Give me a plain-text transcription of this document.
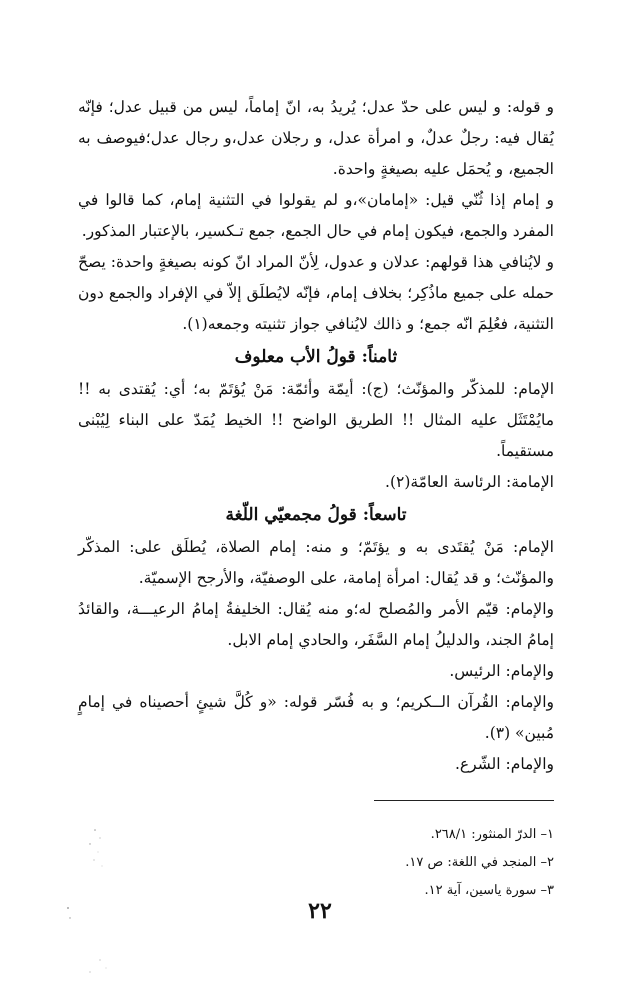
و قوله: و ليس على حدّ عدل؛ يُريدُ به، انّ إماماً، ليس من قبيل عدل؛ فإنّه يُقال فيه: رجلٌ عدلٌ، و امرأة عدل، و رجلان عدل،و رجال عدل؛فيوصف به الجميع، و يُحمَل عليه بصيغةٍ واحدة.

و إمام إذا ثُنّي قيل: «إمامان»،و لم يقولوا في التثنية إمام، كما قالوا في المفرد والجمع، فيكون إمام في حال الجمع، جمع تـكسير، بالإعتبار المذكور.

و لايُنافي هذا قولهم: عدلان و عدول، لِأنّ المراد انّ كونه بصيغةٍ واحدة: يصحّ حمله على جميع ماذُكِر؛ بخلاف إمام، فإنّه لايُطلَق إلاّ في الإفراد والجمع دون التثنية، فعُلِمَ انّه جمع؛ و ذالك لايُنافي جواز تثنيته وجمعه(١).

ثامناً: قولُ الأب معلوف

الإمام: للمذكّر والمؤنّث؛ (ج): أيمّة وأئمّة: مَنْ يُؤتَمّ به؛ أي: يُقتدى به !! مايُمْتَثَل عليه المثال !! الطريق الواضح !! الخيط يُمَدّ على البناء لِيُبْنى مستقيماً.

الإمامة: الرئاسة العامّة(٢).

تاسعاً: قولُ مجمعيّي اللّغة

الإمام: مَنْ يُقتَدى به و يؤتَمّ؛ و منه: إمام الصلاة، يُطلَق على: المذكّر والمؤنّث؛ و قد يُقال: امرأة إمامة، على الوصفيّة، والأرجح الإسميّة.

والإمام: قيّم الأمر والمُصلح له؛و منه يُقال: الخليفةُ إمامُ الرعيـــة، والقائدُ إمامُ الجند، والدليلُ إمام السَّفَر، والحادي إمام الابل.

والإمام: الرئيس.

والإمام: القُرآن الــكريم؛ و به فُسّر قوله: «و كُلَّ شيئٍ أحصيناه في إمامٍ مُبين» (٣).

والإمام: الشّرع.

١– الدرّ المنثور: ٢٦٨/١.

٢– المنجد في اللغة: ص ١٧.

٣– سورة ياسين، آية ١٢.

٢٢
